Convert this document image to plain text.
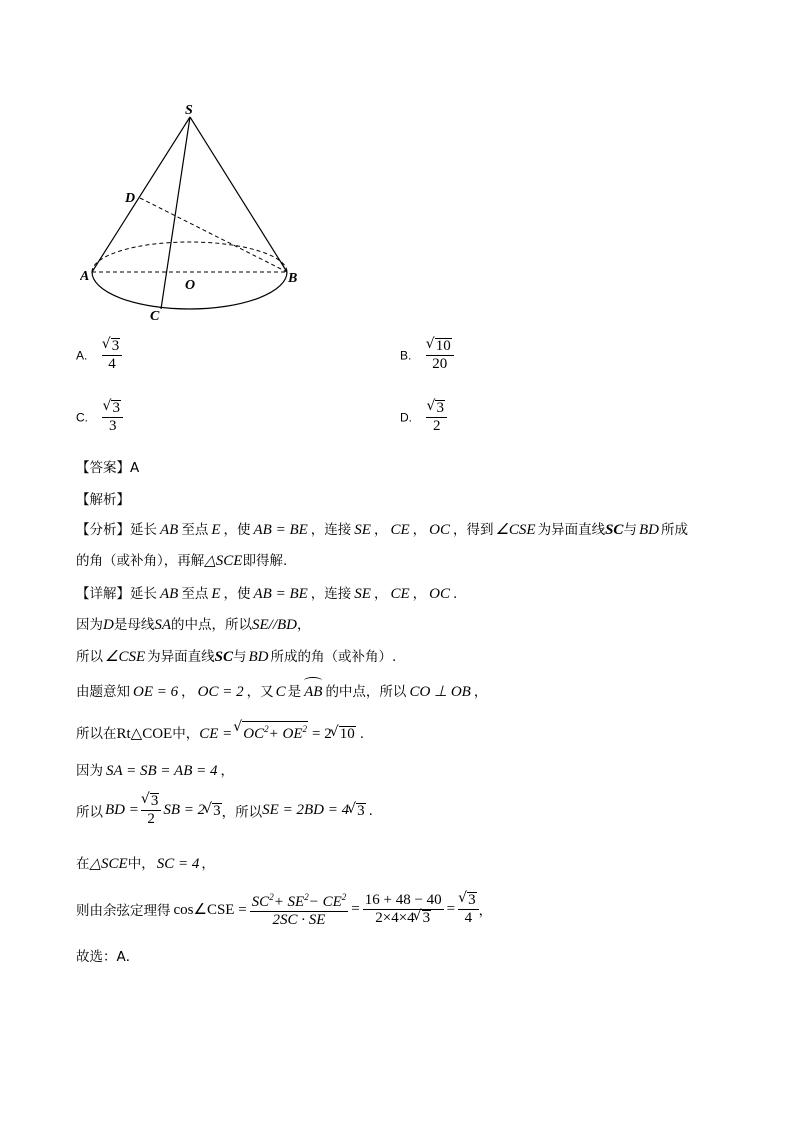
S
D
A	B
O
C
A.
√ $\frac{3}{4}$	B.
√ $\frac{10}{20}$
C.
√ $\frac{3}{3}$	D.
√ $\frac{3}{2}$
【答案】A
【解析】
【分析】延长 AB 至点 E ，使 AB = BE ，连接 SE ， CE ， OC ，得到 ∠CSE 为异面直线SC与 BD 所成
的角（或补角），再解△SCE即得解.
【详解】延长 AB 至点 E ，使 AB = BE ，连接 SE ， CE ， OC .
因为D是母线SA的中点，所以SE//BD，
所以 ∠CSE 为异面直线SC与 BD 所成的角（或补角）.
由题意知 OE = 6 ， OC = 2 ，又 C 是 AB 的中点，所以 CO ⊥ OB ，
所以在Rt△COE中，CE =√ $OC^2+ OE^2 = 2√$ 10 .
因为 SA = SB = AB = 4 ，
所以 BD =
√ $\frac{3}{2}$ SB = 2√ 3，所以SE = 2BD = 4√ 3 .
在△SCE中， SC = 4 ，
则由余弦定理得 cos∠CSE = $\frac{SC^2+ SE^2- CE^2}{2SC \cdot SE} = \frac{16 + 48 - 40}{2\times 4\times 4√ 3}$ =
√ $\frac{3}{4}$ ，
故选：A．
